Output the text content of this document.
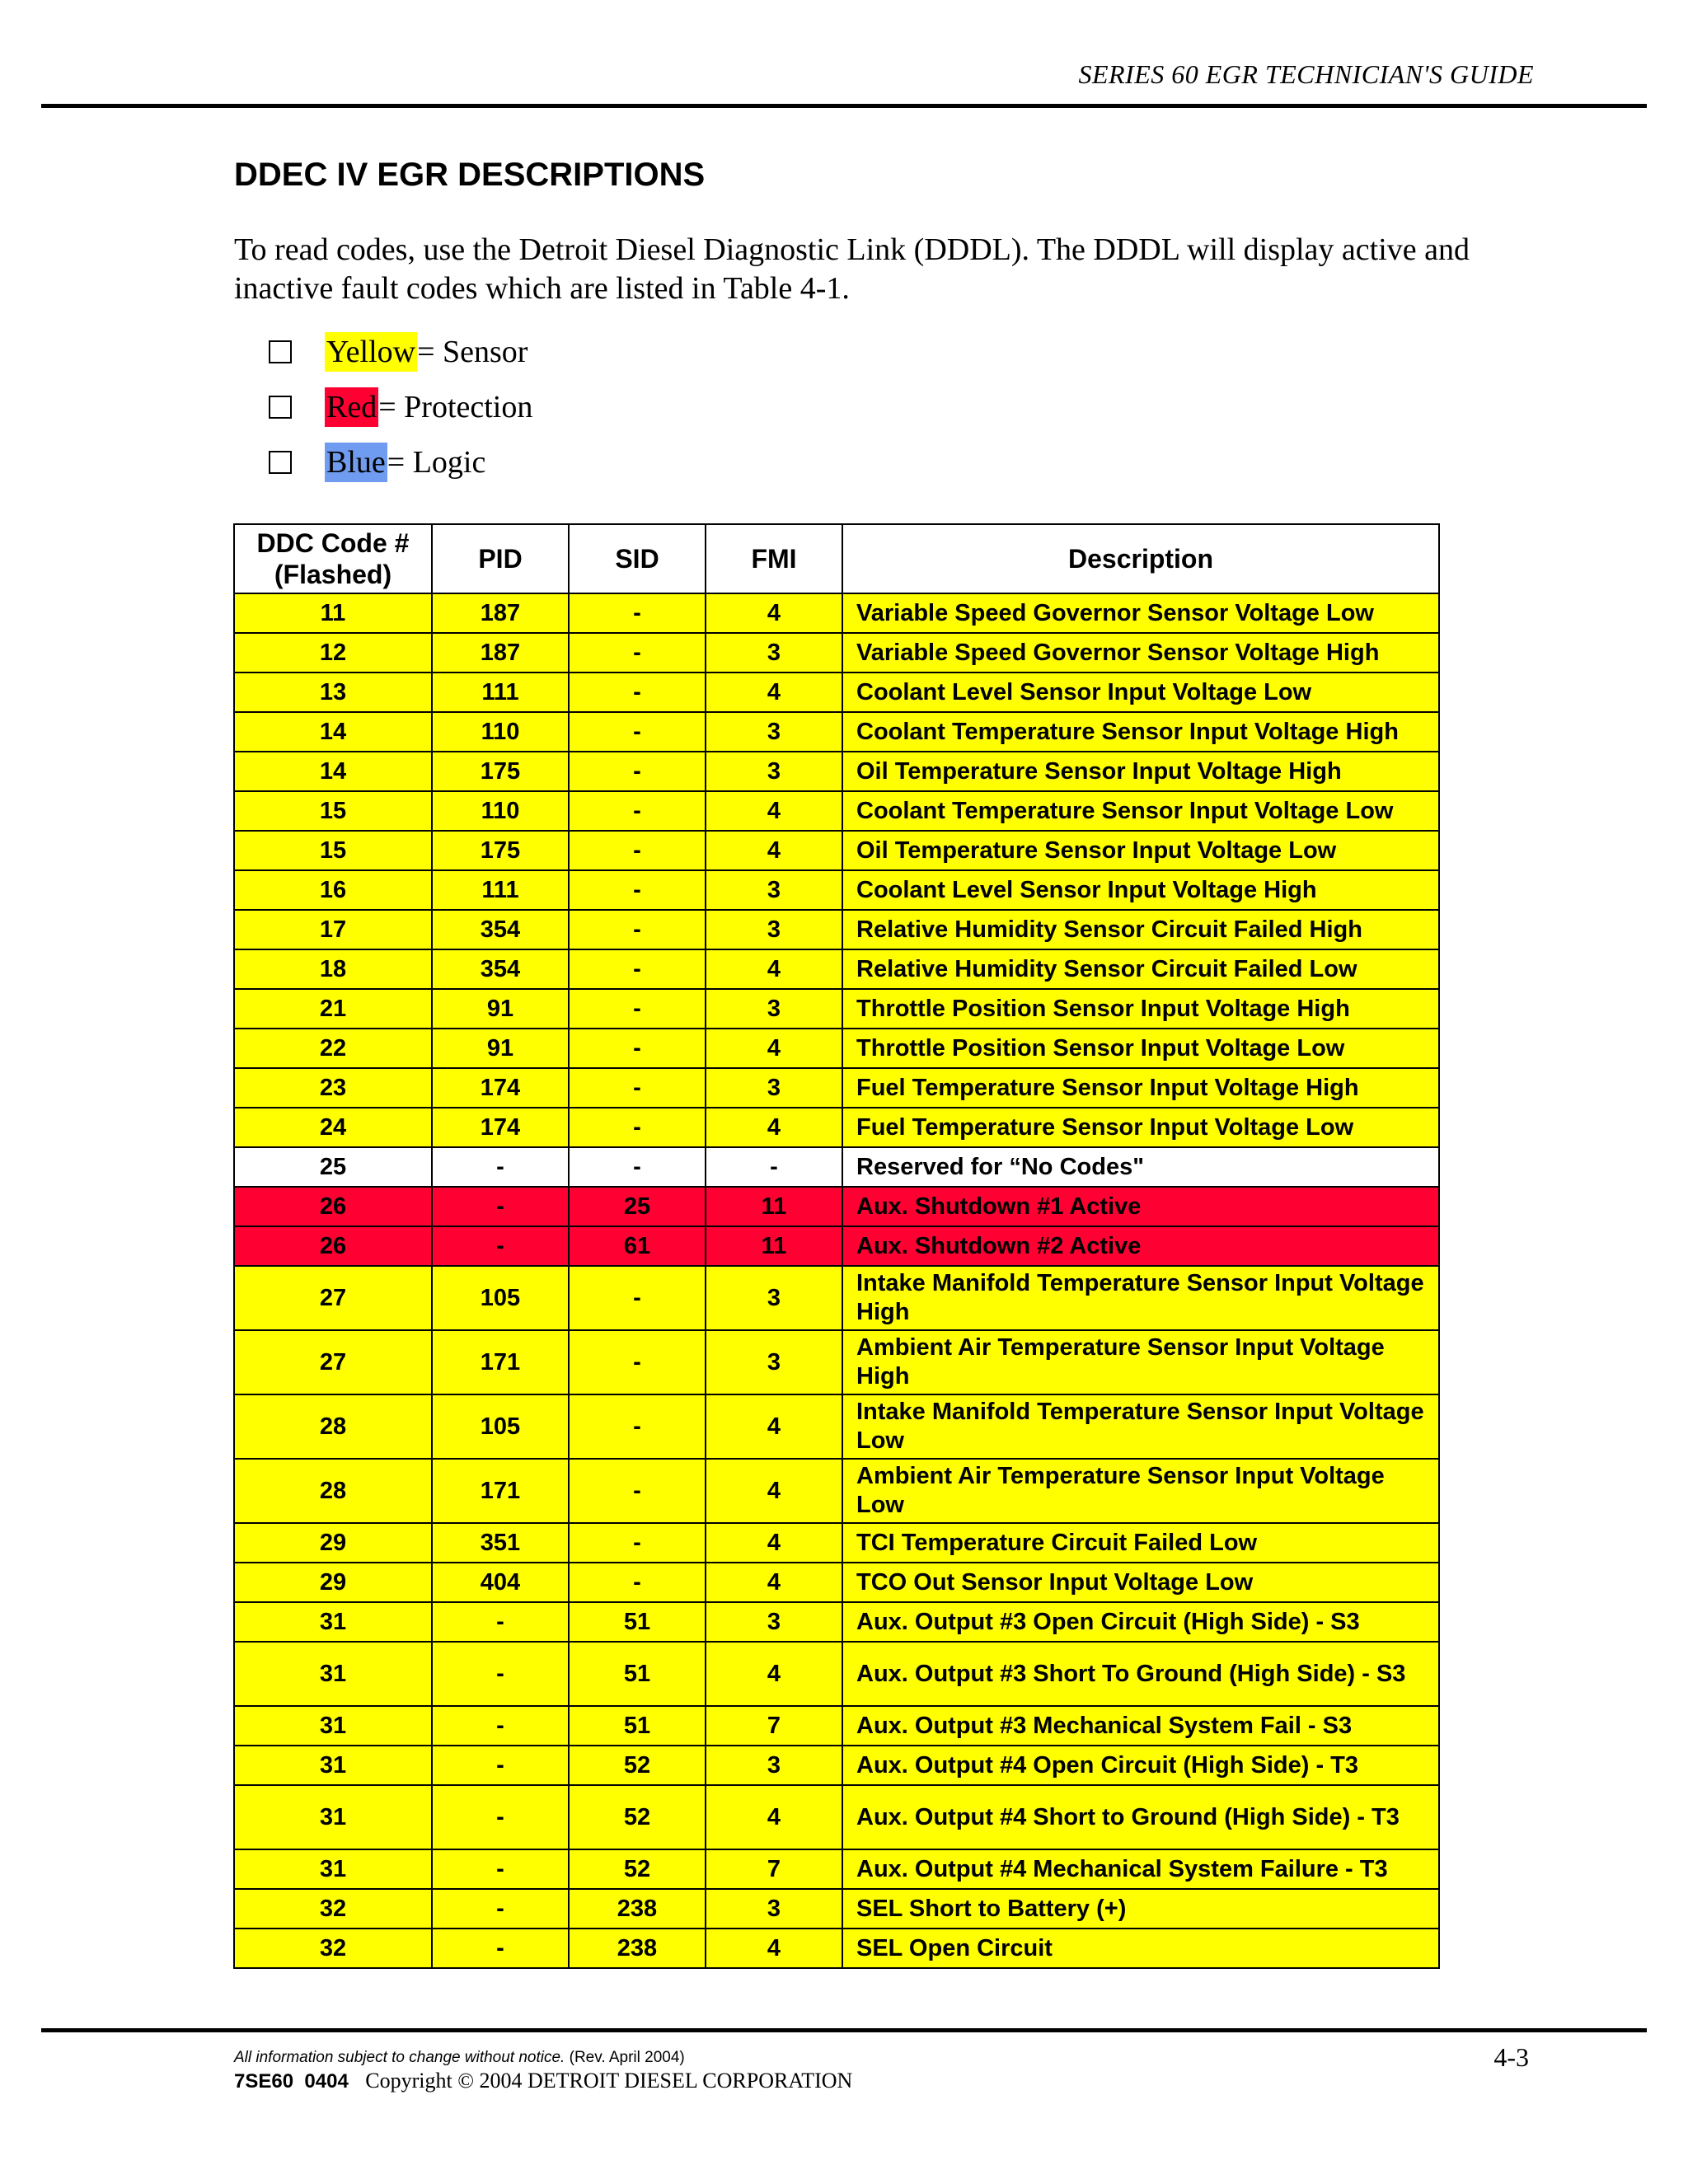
SERIES 60 EGR TECHNICIAN'S GUIDE
DDEC IV EGR DESCRIPTIONS

To read codes, use the Detroit Diesel Diagnostic Link (DDDL). The DDDL will display active and inactive fault codes which are listed in Table 4-1.

Yellow = Sensor
Red = Protection
Blue = Logic
DDC Code #
(Flashed)	PID	SID	FMI	Description
11	187	-	4	Variable Speed Governor Sensor Voltage Low
12	187	-	3	Variable Speed Governor Sensor Voltage High
13	111	-	4	Coolant Level Sensor Input Voltage Low
14	110	-	3	Coolant Temperature Sensor Input Voltage High
14	175	-	3	Oil Temperature Sensor Input Voltage High
15	110	-	4	Coolant Temperature Sensor Input Voltage Low
15	175	-	4	Oil Temperature Sensor Input Voltage Low
16	111	-	3	Coolant Level Sensor Input Voltage High
17	354	-	3	Relative Humidity Sensor Circuit Failed High
18	354	-	4	Relative Humidity Sensor Circuit Failed Low
21	91	-	3	Throttle Position Sensor Input Voltage High
22	91	-	4	Throttle Position Sensor Input Voltage Low
23	174	-	3	Fuel Temperature Sensor Input Voltage High
24	174	-	4	Fuel Temperature Sensor Input Voltage Low
25	-	-	-	Reserved for “No Codes"
26	-	25	11	Aux. Shutdown #1 Active
26	-	61	11	Aux. Shutdown #2 Active
27	105	-	3	Intake Manifold Temperature Sensor Input Voltage High
27	171	-	3	Ambient Air Temperature Sensor Input Voltage High
28	105	-	4	Intake Manifold Temperature Sensor Input Voltage Low
28	171	-	4	Ambient Air Temperature Sensor Input Voltage Low
29	351	-	4	TCI Temperature Circuit Failed Low
29	404	-	4	TCO Out Sensor Input Voltage Low
31	-	51	3	Aux. Output #3 Open Circuit (High Side) - S3
31	-	51	4	Aux. Output #3 Short To Ground (High Side) - S3
31	-	51	7	Aux. Output #3 Mechanical System Fail - S3
31	-	52	3	Aux. Output #4 Open Circuit (High Side) - T3
31	-	52	4	Aux. Output #4 Short to Ground (High Side) - T3
31	-	52	7	Aux. Output #4 Mechanical System Failure - T3
32	-	238	3	SEL Short to Battery (+)
32	-	238	4	SEL Open Circuit
All information subject to change without notice. (Rev. April 2004)
7SE60  0404 Copyright © 2004 DETROIT DIESEL CORPORATION
4-3
